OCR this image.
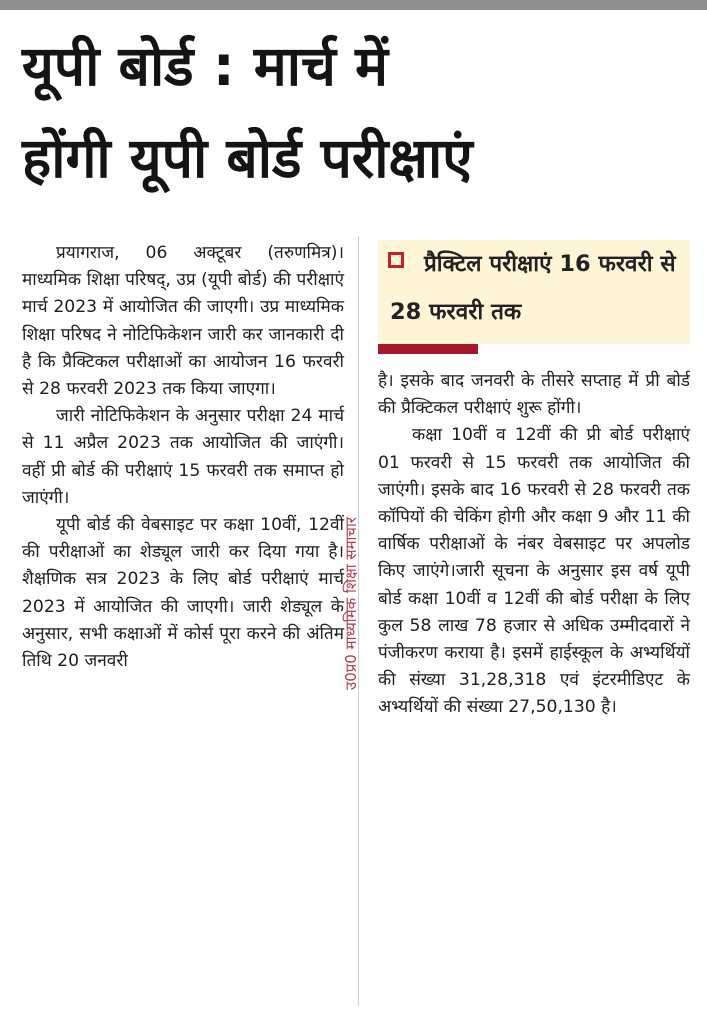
यूपी बोर्ड : मार्च में
होंगी यूपी बोर्ड परीक्षाएं

प्रयागराज, 06 अक्टूबर (तरुणमित्र)। माध्यमिक शिक्षा परिषद्, उप्र (यूपी बोर्ड) की परीक्षाएं मार्च 2023 में आयोजित की जाएगी। उप्र माध्यमिक शिक्षा परिषद ने नोटिफिकेशन जारी कर जानकारी दी है कि प्रैक्टिकल परीक्षाओं का आयोजन 16 फरवरी से 28 फरवरी 2023 तक किया जाएगा।

जारी नोटिफिकेशन के अनुसार परीक्षा 24 मार्च से 11 अप्रैल 2023 तक आयोजित की जाएंगी। वहीं प्री बोर्ड की परीक्षाएं 15 फरवरी तक समाप्त हो जाएंगी।

यूपी बोर्ड की वेबसाइट पर कक्षा 10वीं, 12वीं की परीक्षाओं का शेड्यूल जारी कर दिया गया है। शैक्षणिक सत्र 2023 के लिए बोर्ड परीक्षाएं मार्च 2023 में आयोजित की जाएगी। जारी शेड्यूल के अनुसार, सभी कक्षाओं में कोर्स पूरा करने की अंतिम तिथि 20 जनवरी	उ0प्र0 माध्यमिक शिक्षा समाचार
प्रैक्टिल परीक्षाएं 16 फरवरी से 28 फरवरी तक

है। इसके बाद जनवरी के तीसरे सप्ताह में प्री बोर्ड की प्रैक्टिकल परीक्षाएं शुरू होंगी।

कक्षा 10वीं व 12वीं की प्री बोर्ड परीक्षाएं 01 फरवरी से 15 फरवरी तक आयोजित की जाएंगी। इसके बाद 16 फरवरी से 28 फरवरी तक कॉपियों की चेकिंग होगी और कक्षा 9 और 11 की वार्षिक परीक्षाओं के नंबर वेबसाइट पर अपलोड किए जाएंगे।जारी सूचना के अनुसार इस वर्ष यूपी बोर्ड कक्षा 10वीं व 12वीं की बोर्ड परीक्षा के लिए कुल 58 लाख 78 हजार से अधिक उम्मीदवारों ने पंजीकरण कराया है। इसमें हाईस्कूल के अभ्यर्थियों की संख्या 31,28,318 एवं इंटरमीडिएट के अभ्यर्थियों की संख्या 27,50,130 है।
